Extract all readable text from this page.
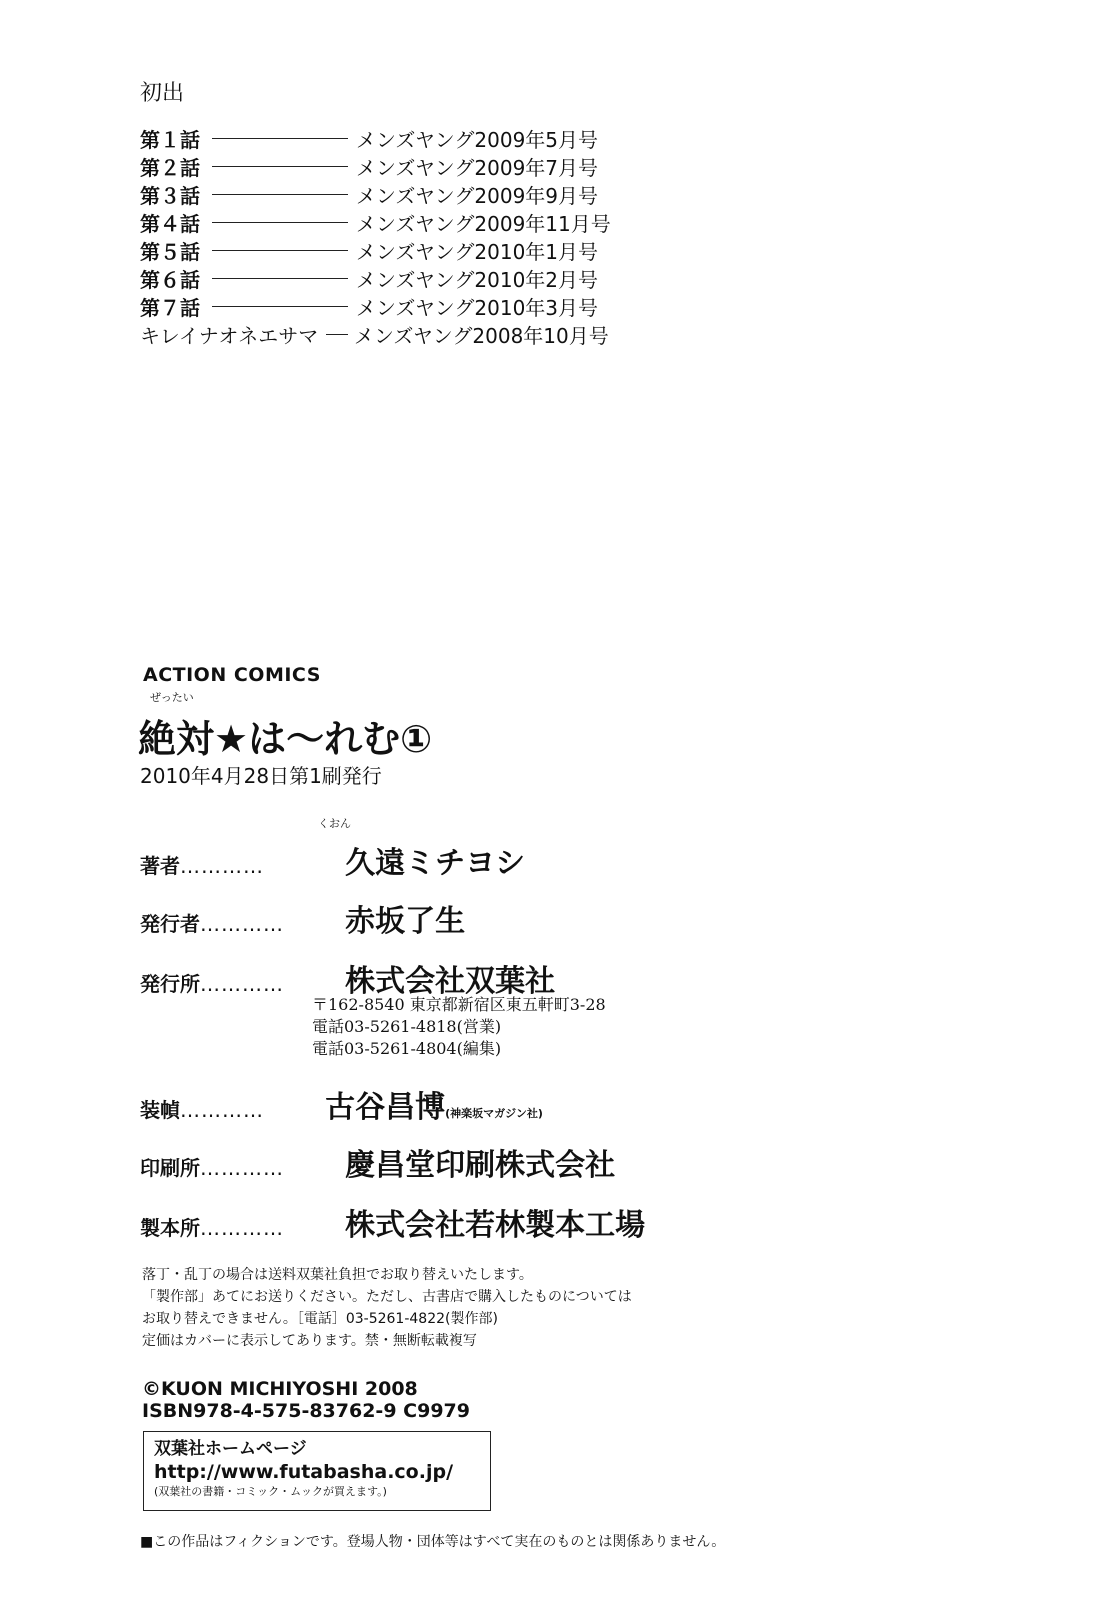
初出
第１話	メンズヤング2009年5月号
第２話	メンズヤング2009年7月号
第３話	メンズヤング2009年9月号
第４話	メンズヤング2009年11月号
第５話	メンズヤング2010年1月号
第６話	メンズヤング2010年2月号
第７話	メンズヤング2010年3月号
キレイナオネエサマ	メンズヤング2008年10月号
ACTION COMICS
ぜったい
絶対★は～れむ①
2010年4月28日第1刷発行
くおん
著者…………	久遠ミチヨシ
発行者………… 赤坂了生
発行所………… 株式会社双葉社
〒162-8540 東京都新宿区東五軒町3-28
電話03-5261-4818(営業)
電話03-5261-4804(編集)
装幀………… 古谷昌博(神楽坂マガジン社)
印刷所………… 慶昌堂印刷株式会社
製本所………… 株式会社若林製本工場
落丁・乱丁の場合は送料双葉社負担でお取り替えいたします。
「製作部」あてにお送りください。ただし、古書店で購入したものについては
お取り替えできません。［電話］03-5261-4822(製作部)
定価はカバーに表示してあります。禁・無断転載複写
©KUON MICHIYOSHI 2008
ISBN978-4-575-83762-9 C9979
双葉社ホームページ
http://www.futabasha.co.jp/
(双葉社の書籍・コミック・ムックが買えます。)
■この作品はフィクションです。登場人物・団体等はすべて実在のものとは関係ありません。
